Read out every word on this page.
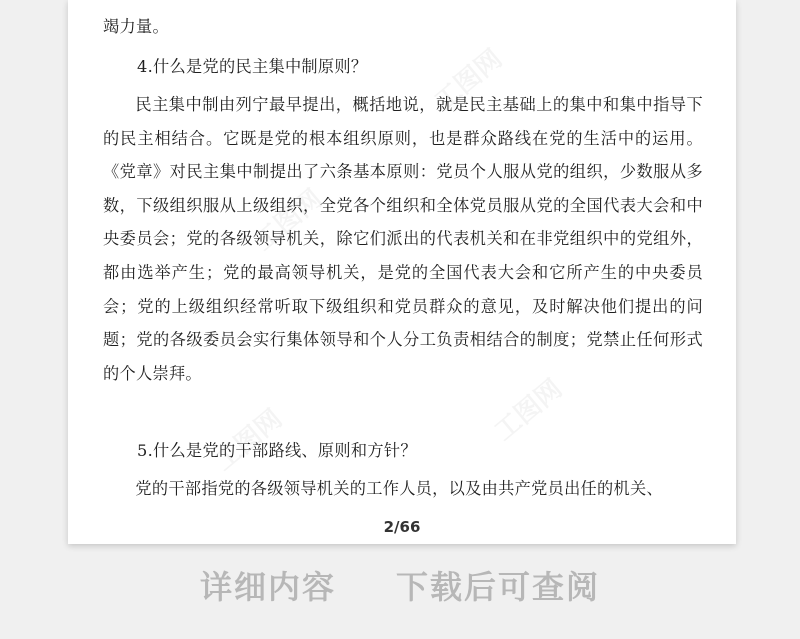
竭力量。

4.什么是党的民主集中制原则？

民主集中制由列宁最早提出，概括地说，就是民主基础上的集中和集中指导下的民主相结合。它既是党的根本组织原则，也是群众路线在党的生活中的运用。《党章》对民主集中制提出了六条基本原则：党员个人服从党的组织，少数服从多数，下级组织服从上级组织，全党各个组织和全体党员服从党的全国代表大会和中央委员会；党的各级领导机关，除它们派出的代表机关和在非党组织中的党组外，都由选举产生；党的最高领导机关，是党的全国代表大会和它所产生的中央委员会；党的上级组织经常听取下级组织和党员群众的意见，及时解决他们提出的问题；党的各级委员会实行集体领导和个人分工负责相结合的制度；党禁止任何形式的个人崇拜。

5.什么是党的干部路线、原则和方针？

党的干部指党的各级领导机关的工作人员，以及由共产党员出任的机关、

2/66
详细内容 下载后可查阅
